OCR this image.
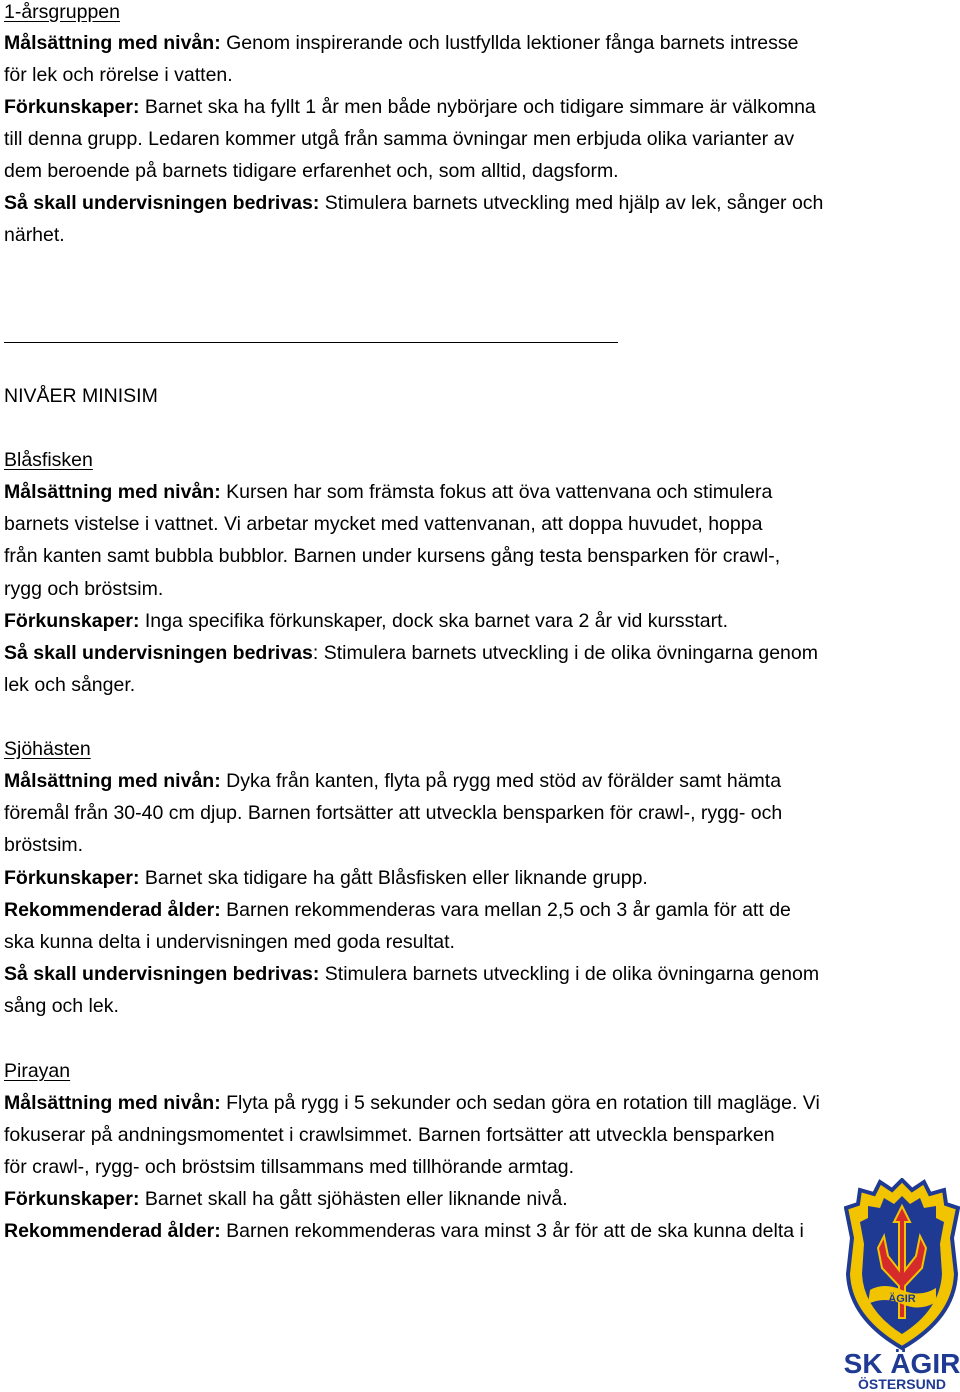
1-årsgruppen
Målsättning med nivån: Genom inspirerande och lustfyllda lektioner fånga barnets intresse
för lek och rörelse i vatten.
Förkunskaper: Barnet ska ha fyllt 1 år men både nybörjare och tidigare simmare är välkomna
till denna grupp. Ledaren kommer utgå från samma övningar men erbjuda olika varianter av
dem beroende på barnets tidigare erfarenhet och, som alltid, dagsform.
Så skall undervisningen bedrivas: Stimulera barnets utveckling med hjälp av lek, sånger och
närhet.
NIVÅER MINISIM
Blåsfisken
Målsättning med nivån: Kursen har som främsta fokus att öva vattenvana och stimulera
barnets vistelse i vattnet. Vi arbetar mycket med vattenvanan, att doppa huvudet, hoppa
från kanten samt bubbla bubblor. Barnen under kursens gång testa bensparken för crawl-,
rygg och bröstsim.
Förkunskaper: Inga specifika förkunskaper, dock ska barnet vara 2 år vid kursstart.
Så skall undervisningen bedrivas: Stimulera barnets utveckling i de olika övningarna genom
lek och sånger.
Sjöhästen
Målsättning med nivån: Dyka från kanten, flyta på rygg med stöd av förälder samt hämta
föremål från 30-40 cm djup. Barnen fortsätter att utveckla bensparken för crawl-, rygg- och
bröstsim.
Förkunskaper: Barnet ska tidigare ha gått Blåsfisken eller liknande grupp.
Rekommenderad ålder: Barnen rekommenderas vara mellan 2,5 och 3 år gamla för att de
ska kunna delta i undervisningen med goda resultat.
Så skall undervisningen bedrivas: Stimulera barnets utveckling i de olika övningarna genom
sång och lek.
Pirayan
Målsättning med nivån: Flyta på rygg i 5 sekunder och sedan göra en rotation till magläge. Vi
fokuserar på andningsmomentet i crawlsimmet. Barnen fortsätter att utveckla bensparken
för crawl-, rygg- och bröstsim tillsammans med tillhörande armtag.
Förkunskaper: Barnet skall ha gått sjöhästen eller liknande nivå.
Rekommenderad ålder: Barnen rekommenderas vara minst 3 år för att de ska kunna delta i
ÄGIR
SK ÄGIR
ÖSTERSUND
